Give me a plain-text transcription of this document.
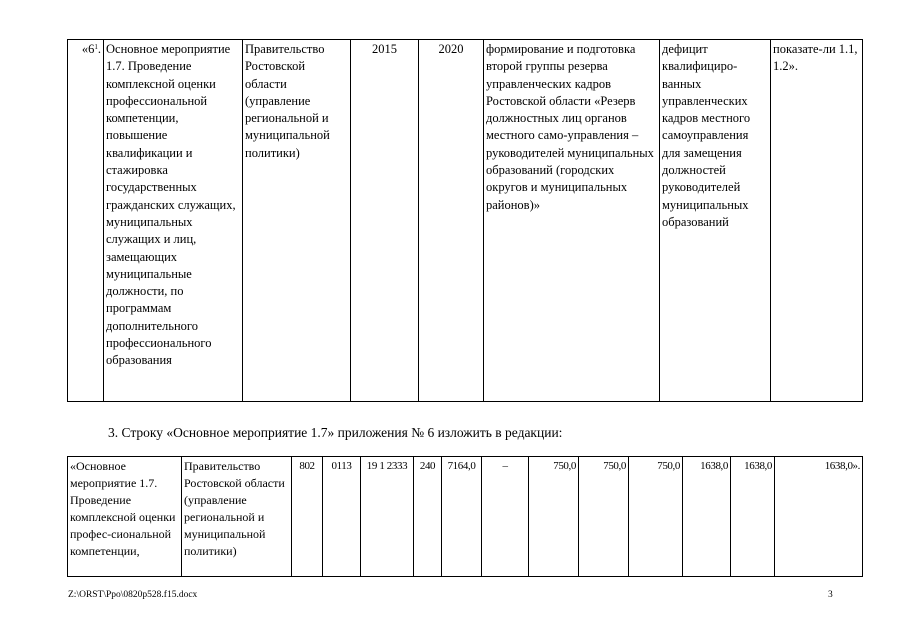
«$6^1$.	Основное мероприятие 1.7. Проведение комплексной оценки профессиональной компетенции, повышение квалификации и стажировка государственных гражданских служащих, муниципальных служащих и лиц, замещающих муниципальные должности, по программам дополнительного профессионального образования	Правительство Ростовской области (управление региональной и муниципальной политики)	2015	2020	формирование и подготовка второй группы резерва управленческих кадров Ростовской области «Резерв должностных лиц органов местного само-управления – руководителей муниципальных образований (городских округов и муниципальных районов)»	дефицит квалифициро-ванных управленческих кадров местного самоуправления для замещения должностей руководителей муниципальных образований	показате-ли 1.1, 1.2».
3. Строку «Основное мероприятие 1.7» приложения № 6 изложить в редакции:
«Основное мероприятие 1.7. Проведение комплексной оценки профес-сиональной компетенции,	Правительство Ростовской области (управление региональной и муниципальной политики)	802	0113	19 1 2333	240	7164,0	–	750,0	750,0	750,0	1638,0	1638,0	1638,0».
Z:\ORST\Ppo\0820p528.f15.docx	3
